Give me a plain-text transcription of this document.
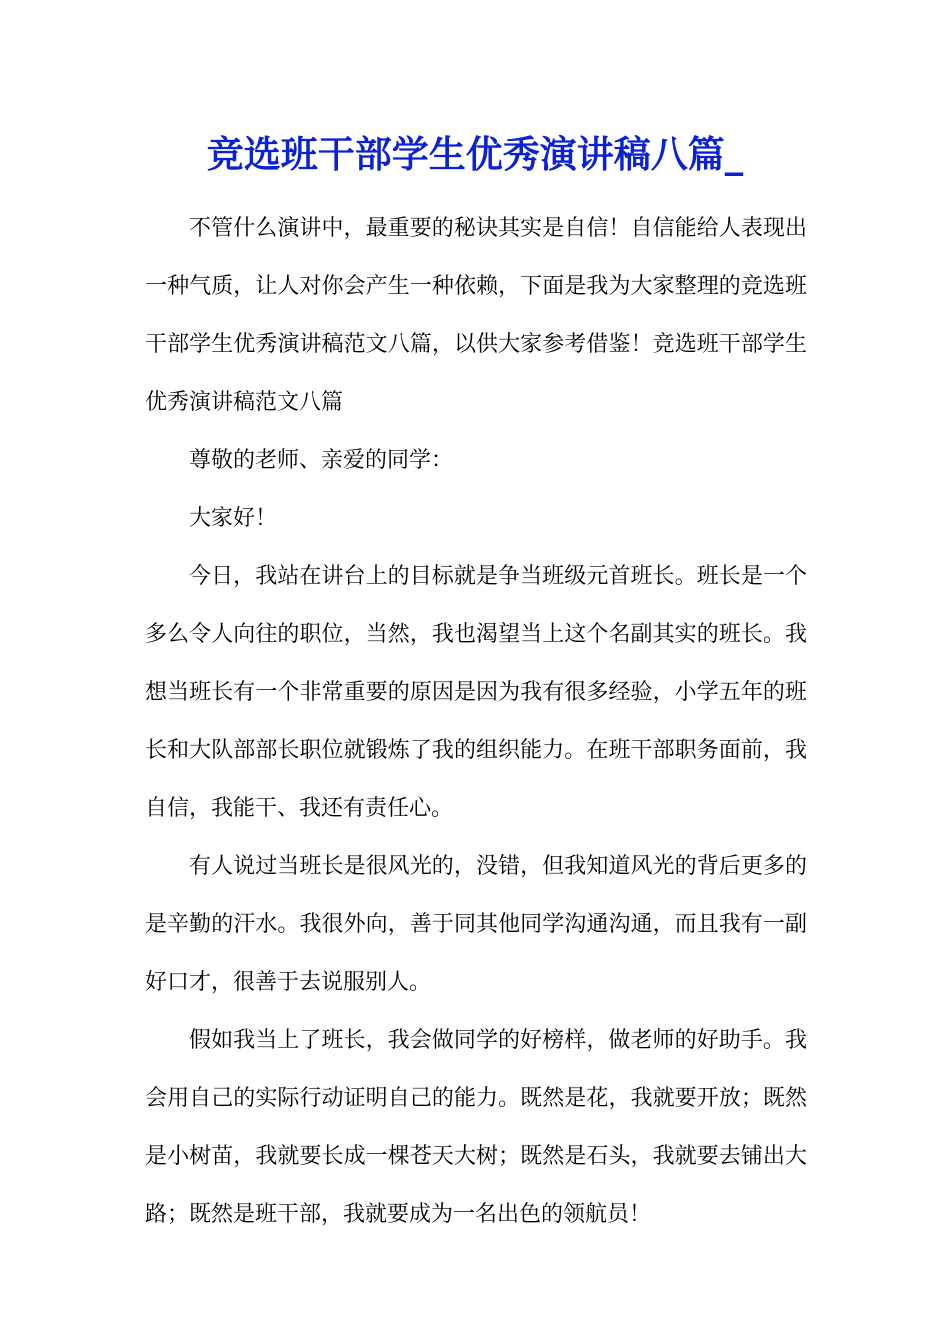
竞选班干部学生优秀演讲稿八篇_

不管什么演讲中，最重要的秘诀其实是自信！自信能给人表现出一种气质，让人对你会产生一种依赖，下面是我为大家整理的竞选班干部学生优秀演讲稿范文八篇，以供大家参考借鉴！竞选班干部学生优秀演讲稿范文八篇

尊敬的老师、亲爱的同学：

大家好！

今日，我站在讲台上的目标就是争当班级元首班长。班长是一个多么令人向往的职位，当然，我也渴望当上这个名副其实的班长。我想当班长有一个非常重要的原因是因为我有很多经验，小学五年的班长和大队部部长职位就锻炼了我的组织能力。在班干部职务面前，我自信，我能干、我还有责任心。

有人说过当班长是很风光的，没错，但我知道风光的背后更多的是辛勤的汗水。我很外向，善于同其他同学沟通沟通，而且我有一副好口才，很善于去说服别人。

假如我当上了班长，我会做同学的好榜样，做老师的好助手。我会用自己的实际行动证明自己的能力。既然是花，我就要开放；既然是小树苗，我就要长成一棵苍天大树；既然是石头，我就要去铺出大路；既然是班干部，我就要成为一名出色的领航员！
